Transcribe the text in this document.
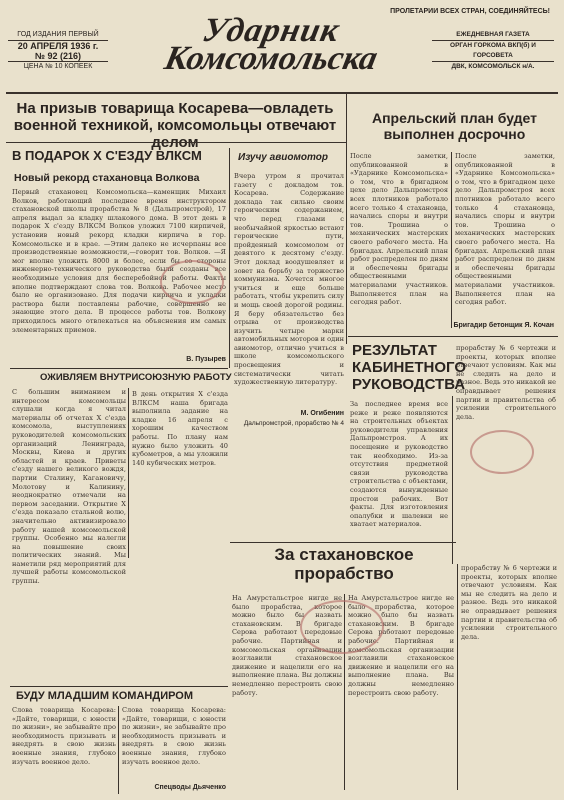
ГОД ИЗДАНИЯ ПЕРВЫЙ
20 АПРЕЛЯ 1936 г.
№ 92 (216)
ЦЕНА № 10 КОПЕЕК
Ударник
Комсомольска
ПРОЛЕТАРИИ ВСЕХ СТРАН, СОЕДИНЯЙТЕСЬ!
ЕЖЕДНЕВНАЯ ГАЗЕТА
ОРГАН ГОРКОМА ВКП(б) И ГОРСОВЕТА
ДВК, КОМСОМОЛЬСК н/А.
На призыв товарища Косарева—овладеть военной техникой, комсомольцы отвечают делом
Апрельский план будет выполнен досрочно
В ПОДАРОК Х С'ЕЗДУ ВЛКСМ
Новый рекорд стахановца Волкова
Первый стахановец Комсомольска—каменщик Михаил Волков, работающий последнее время инструктором стахановской школы прорабства № 8 (Дальпромстрой), 17 апреля выдал за кладку шлакового дома. В этот день в подарок Х с'езду ВЛКСМ Волков уложил 7100 кирпичей, установив новый рекорд кладки кирпича в гор. Комсомольске и в крае. —Этим далеко не исчерпаны все производственные возможности,—говорит тов. Волков. —Я мог вполне уложить 8000 и более, если бы со стороны инженерно-технического руководства были созданы все необходимые условия для бесперебойной работы. Факты вполне подтверждают слова тов. Волкова. Рабочее место было не организовано. Для подачи кирпича и укладки раствора были поставлены рабочие, совершенно не знающие этого дела. В процессе работы тов. Волкову приходилось много отвлекаться на объяснения им самых элементарных приемов.
В. Пузырев
ОЖИВЛЯЕМ ВНУТРИСОЮЗНУЮ РАБОТУ
С большим вниманием и интересом комсомольцы слушали когда я читал материалы об отчетах X с'езда комсомола, выступлениях руководителей комсомольских организаций Ленинграда, Москвы, Киева и других областей и краев. Приветы с'езду нашего великого вождя, партии Сталину, Кагановичу, Молотову и Калинину, неоднократно отмечали на первом заседании. Открытие Х с'езда показало стальной волю, значительно активизировало работу нашей комсомольской группы. Особенно мы налегли на повышение своих политических знаний. Мы наметили ряд мероприятий для лучшей работы комсомольской группы.
Изучу авиомотор
Вчера утром я прочитал газету с докладом тов. Косарева. Содержание доклада так сильно своим героическим содержанием, что перед глазами с необычайной яркостью встают героические пути, пройденный комсомолом от девятого к десятому с'езду. Этот доклад воодушевляет и зовет на борьбу за торжество коммунизма. Хочется многое учиться и еще больше работать, чтобы укрепить силу и мощь своей дорогой родины. Я беру обязательство без отрыва от производства изучить четыре марки автомобильных моторов и один авиомотор, отлично учиться в школе комсомольского просвещения и систематически читать художественную литературу.
М. Огибенин
Дальпромстрой, прорабство № 4
В день открытия X с'езда ВЛКСМ наша бригада выполнила задание на кладке 16 апреля с хорошим качеством работы. По плану нам нужно было уложить 40 кубометров, а мы уложили 140 кубических метров.
После заметки, опубликованной в «Ударнике Комсомольска» о том, что в бригадном цехе дело Дальпромстроя всех плотников работало всего только 4 стахановца, начались споры и внутри тов. Трошина о механических мастерских своего рабочего места. На бригадах. Апрельский план работ распределен по дням и обеспечены бригады общественными материалами участников. Выполняется план на сегодня работ.
После заметки, опубликованной в «Ударнике Комсомольска» о том, что в бригадном цехе дело Дальпромстроя всех плотников работало всего только 4 стахановца, начались споры и внутри тов. Трошина о механических мастерских своего рабочего места. На бригадах. Апрельский план работ распределен по дням и обеспечены бригады общественными материалами участников. Выполняется план на сегодня работ.
Бригадир бетонщик Я. Кочан
РЕЗУЛЬТАТ КАБИНЕТНОГО РУКОВОДСТВА
За последнее время все реже и реже появляются на строительных объектах руководители управления Дальпромстроя. А их посещение и руководство так необходимо. Из-за отсутствия предметной связи руководства строительства с объектами, создаются вынужденные простои рабочих. Вот факты. Для изготовления опалубки и шалевки не хватает материалов.
прорабству № 6 чертежи и проекты, которых вполне отвечают условиям. Как мы не следить на дело и разное. Ведь это никакой не оправдывает решения партии и правительства об усилении строительного дела.
За стахановское прорабство
На Амурстальстрое нигде не было прорабства, которое можно было бы назвать стахановским. В бригаде Серова работают передовые рабочие. Партийная и комсомольская организации возглавили стахановское движение и нацелили его на выполнение плана. Вы должны немедленно перестроить свою работу.
На Амурстальстрое нигде не было прорабства, которое можно было бы назвать стахановским. В бригаде Серова работают передовые рабочие. Партийная и комсомольская организации возглавили стахановское движение и нацелили его на выполнение плана. Вы должны немедленно перестроить свою работу.
прорабству № 6 чертежи и проекты, которых вполне отвечают условиям. Как мы не следить на дело и разное. Ведь это никакой не оправдывает решения партии и правительства об усилении строительного дела.
БУДУ МЛАДШИМ КОМАНДИРОМ
Слова товарища Косарева: «Дайте, товарищи, с юности по жизни», не забывайте про необходимость призывать и внедрять в свою жизнь военные знания, глубоко изучать военное дело.
Слова товарища Косарева: «Дайте, товарищи, с юности по жизни», не забывайте про необходимость призывать и внедрять в свою жизнь военные знания, глубоко изучать военное дело.
Спецводы Дьяченко
